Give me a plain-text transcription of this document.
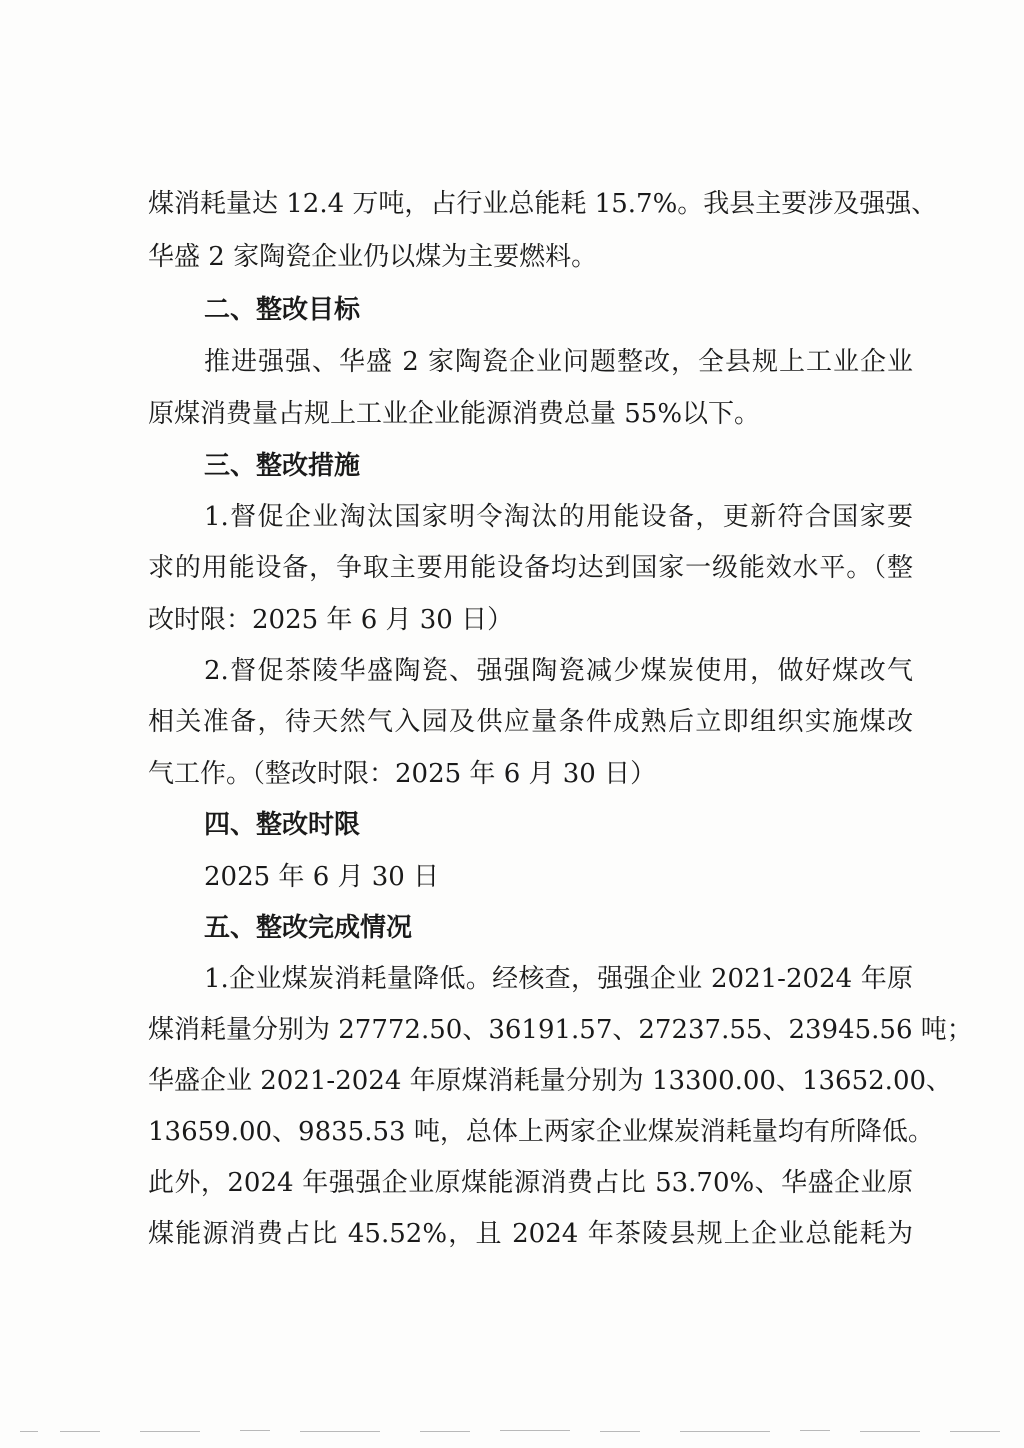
煤消耗量达 12.4 万吨，占行业总能耗 15.7%。我县主要涉及强强、
华盛 2 家陶瓷企业仍以煤为主要燃料。
二、整改目标
推进强强、华盛 2 家陶瓷企业问题整改，全县规上工业企业
原煤消费量占规上工业企业能源消费总量 55%以下。
三、整改措施
1.督促企业淘汰国家明令淘汰的用能设备，更新符合国家要
求的用能设备，争取主要用能设备均达到国家一级能效水平。（整
改时限：2025 年 6 月 30 日）
2.督促茶陵华盛陶瓷、强强陶瓷减少煤炭使用，做好煤改气
相关准备，待天然气入园及供应量条件成熟后立即组织实施煤改
气工作。（整改时限：2025 年 6 月 30 日）
四、整改时限
2025 年 6 月 30 日
五、整改完成情况
1.企业煤炭消耗量降低。经核查，强强企业 2021-2024 年原
煤消耗量分别为 27772.50、36191.57、27237.55、23945.56 吨；
华盛企业 2021-2024 年原煤消耗量分别为 13300.00、13652.00、
13659.00、9835.53 吨，总体上两家企业煤炭消耗量均有所降低。
此外，2024 年强强企业原煤能源消费占比 53.70%、华盛企业原
煤能源消费占比 45.52%，且 2024 年茶陵县规上企业总能耗为
